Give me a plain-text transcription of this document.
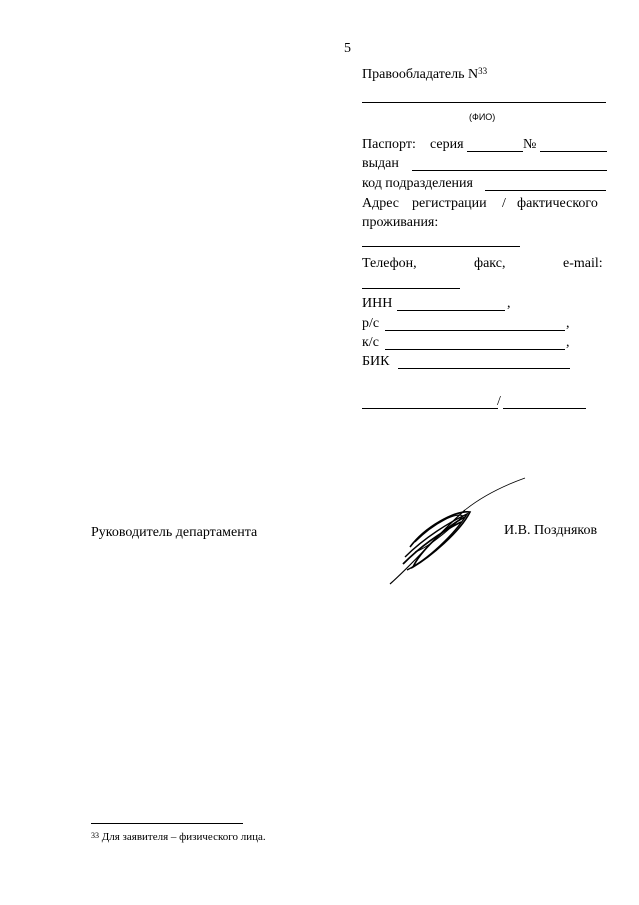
5
Правообладатель $N^{33}$
(ФИО)
Паспорт: серия	№
выдан
код подразделения
Адрес регистрации / фактического
проживания:
Телефон,	факс,	e-mail:
ИНН	,
р/с	,
к/с	,
БИК
/
Руководитель департамента	И.В. Поздняков
$^{33}$ Для заявителя – физического лица.
